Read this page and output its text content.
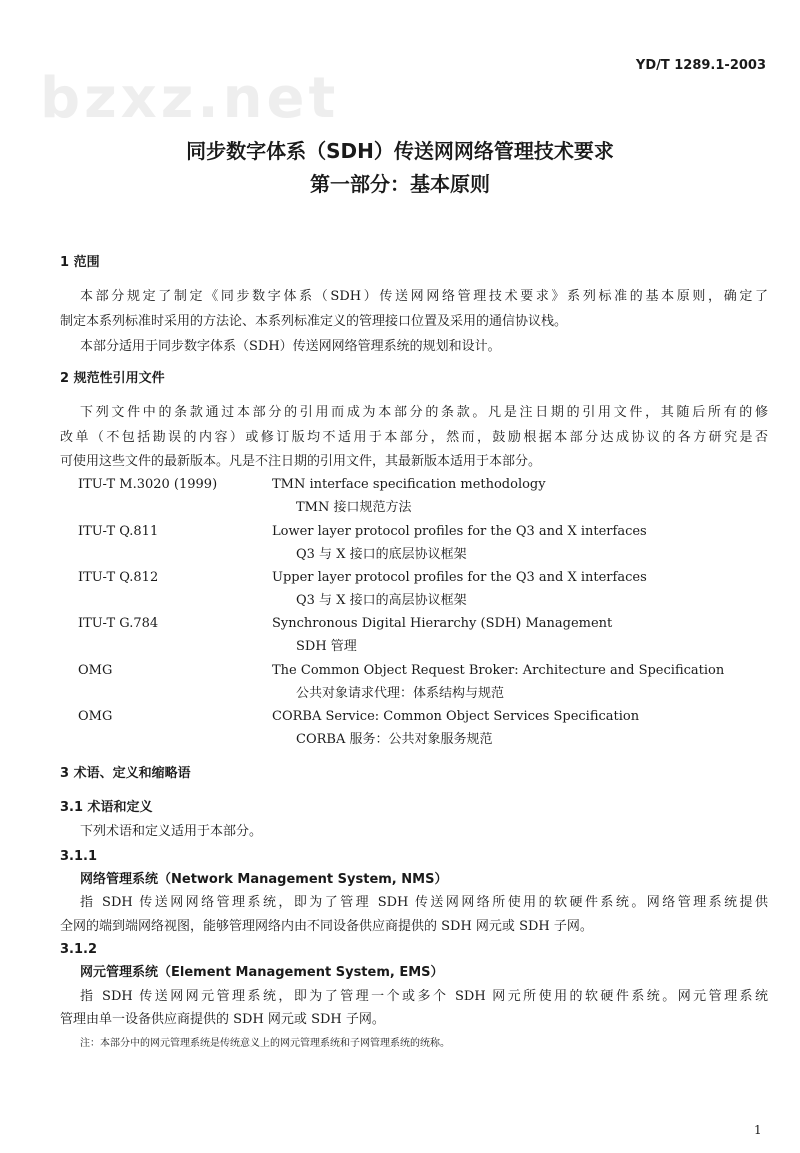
bzxz.net
YD/T 1289.1-2003
同步数字体系（SDH）传送网网络管理技术要求
第一部分：基本原则
1 范围
本部分规定了制定《同步数字体系（SDH）传送网网络管理技术要求》系列标准的基本原则，确定了
制定本系列标准时采用的方法论、本系列标准定义的管理接口位置及采用的通信协议栈。
本部分适用于同步数字体系（SDH）传送网网络管理系统的规划和设计。
2 规范性引用文件
下列文件中的条款通过本部分的引用而成为本部分的条款。凡是注日期的引用文件，其随后所有的修
改单（不包括勘误的内容）或修订版均不适用于本部分，然而，鼓励根据本部分达成协议的各方研究是否
可使用这些文件的最新版本。凡是不注日期的引用文件，其最新版本适用于本部分。
ITU-T M.3020 (1999)	TMN interface specification methodology
TMN 接口规范方法
ITU-T Q.811	Lower layer protocol profiles for the Q3 and X interfaces
Q3 与 X 接口的底层协议框架
ITU-T Q.812	Upper layer protocol profiles for the Q3 and X interfaces
Q3 与 X 接口的高层协议框架
ITU-T G.784	Synchronous Digital Hierarchy (SDH) Management
SDH 管理
OMG	The Common Object Request Broker: Architecture and Specification
公共对象请求代理：体系结构与规范
OMG	CORBA Service: Common Object Services Specification
CORBA 服务：公共对象服务规范
3 术语、定义和缩略语
3.1 术语和定义
下列术语和定义适用于本部分。
3.1.1
网络管理系统（Network Management System, NMS）
指 SDH 传送网网络管理系统，即为了管理 SDH 传送网网络所使用的软硬件系统。网络管理系统提供
全网的端到端网络视图，能够管理网络内由不同设备供应商提供的 SDH 网元或 SDH 子网。
3.1.2
网元管理系统（Element Management System, EMS）
指 SDH 传送网网元管理系统，即为了管理一个或多个 SDH 网元所使用的软硬件系统。网元管理系统
管理由单一设备供应商提供的 SDH 网元或 SDH 子网。
注：本部分中的网元管理系统是传统意义上的网元管理系统和子网管理系统的统称。
1
